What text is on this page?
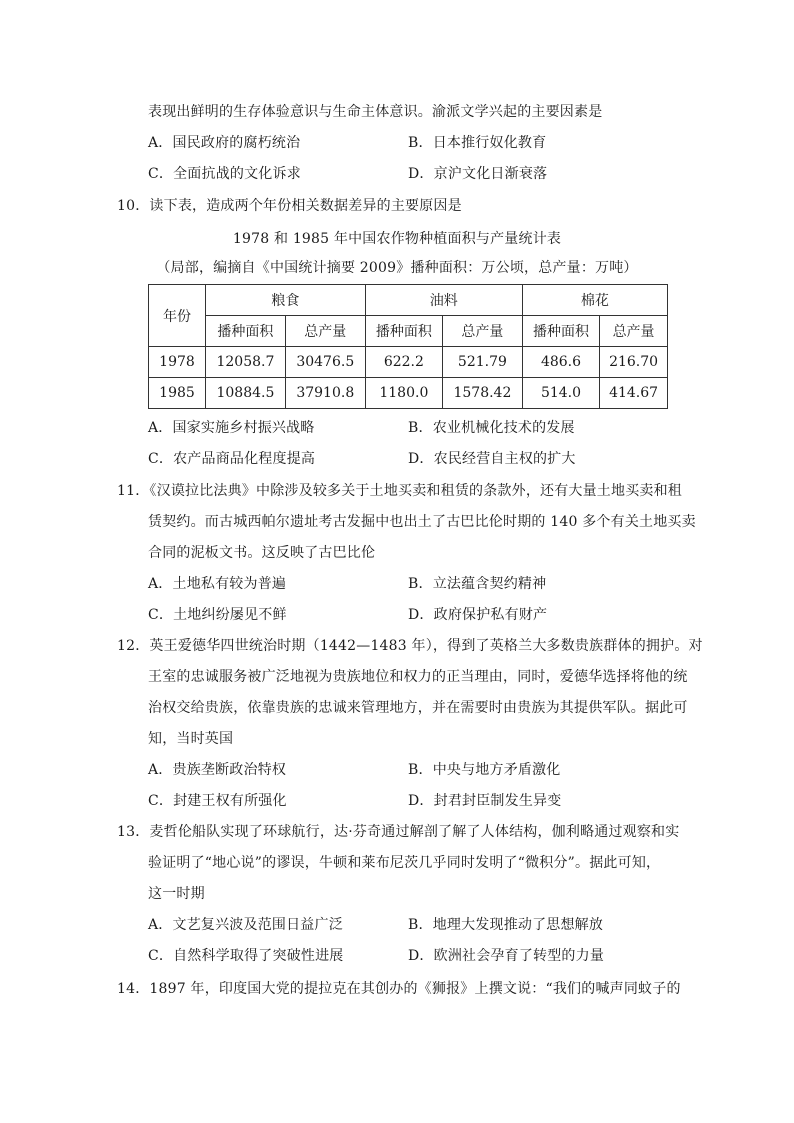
表现出鲜明的生存体验意识与生命主体意识。渝派文学兴起的主要因素是
A．国民政府的腐朽统治	B．日本推行奴化教育
C．全面抗战的文化诉求	D．京沪文化日渐衰落
10．读下表，造成两个年份相关数据差异的主要原因是
1978 和 1985 年中国农作物种植面积与产量统计表
（局部，编摘自《中国统计摘要 2009》播种面积：万公顷，总产量：万吨）
年份	粮食		油料		棉花	
	播种面积	总产量	播种面积	总产量	播种面积	总产量
1978	12058.7	30476.5	622.2	521.79	486.6	216.70
1985	10884.5	37910.8	1180.0	1578.42	514.0	414.67
A．国家实施乡村振兴战略	B．农业机械化技术的发展
C．农产品商品化程度提高	D．农民经营自主权的扩大
11．《汉谟拉比法典》中除涉及较多关于土地买卖和租赁的条款外，还有大量土地买卖和租
赁契约。而古城西帕尔遗址考古发掘中也出土了古巴比伦时期的 140 多个有关土地买卖
合同的泥板文书。这反映了古巴比伦
A．土地私有较为普遍	B．立法蕴含契约精神
C．土地纠纷屡见不鲜	D．政府保护私有财产
12．英王爱德华四世统治时期（1442—1483 年），得到了英格兰大多数贵族群体的拥护。对
王室的忠诚服务被广泛地视为贵族地位和权力的正当理由，同时，爱德华选择将他的统
治权交给贵族，依靠贵族的忠诚来管理地方，并在需要时由贵族为其提供军队。据此可
知，当时英国
A．贵族垄断政治特权	B．中央与地方矛盾激化
C．封建王权有所强化	D．封君封臣制发生异变
13．麦哲伦船队实现了环球航行，达·芬奇通过解剖了解了人体结构，伽利略通过观察和实
验证明了“地心说”的谬误，牛顿和莱布尼茨几乎同时发明了“微积分”。据此可知，
这一时期
A．文艺复兴波及范围日益广泛	B．地理大发现推动了思想解放
C．自然科学取得了突破性进展	D．欧洲社会孕育了转型的力量
14．1897 年，印度国大党的提拉克在其创办的《狮报》上撰文说：“我们的喊声同蚊子的
